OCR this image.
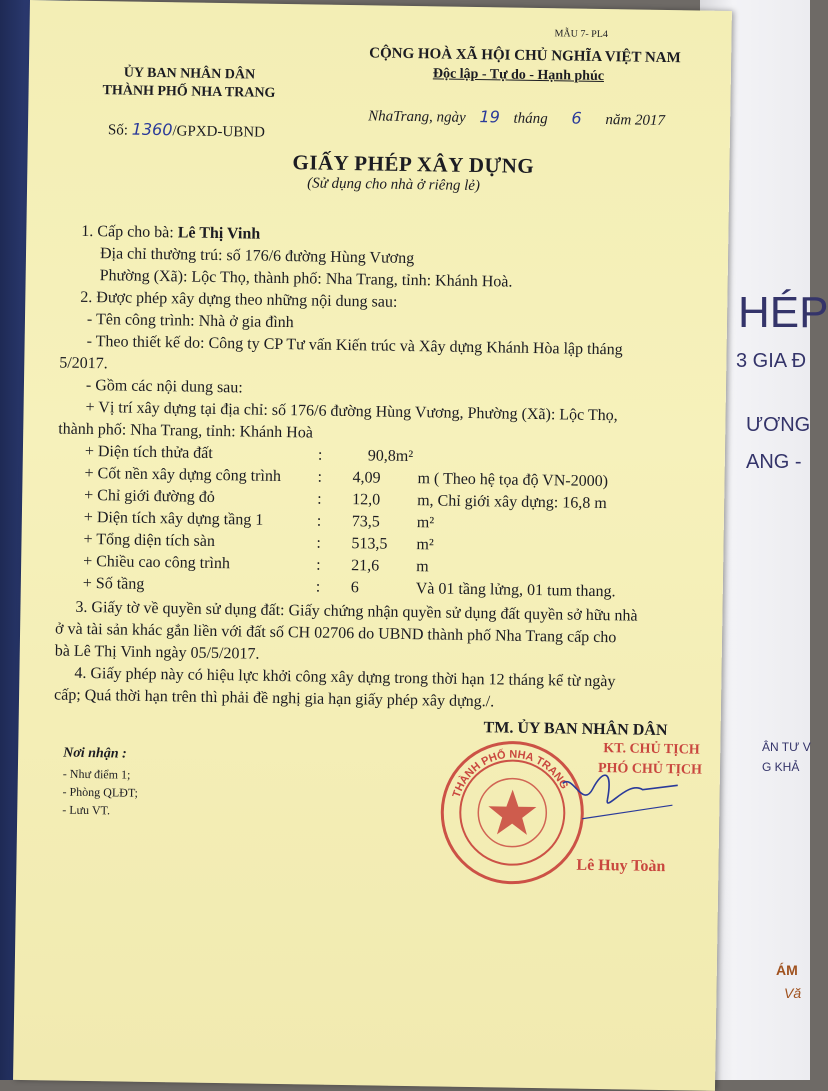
HÉP
3 GIA Đ
ƯƠNG
ANG -
ÂN TƯ V
G KHẢ
ÁM
Vă
MẪU 7- PL4
ỦY BAN NHÂN DÂN
THÀNH PHỐ NHA TRANG
CỘNG HOÀ XÃ HỘI CHỦ NGHĨA VIỆT NAM
Độc lập - Tự do - Hạnh phúc
Số: 1360/GPXD-UBND
NhaTrang, ngày 19 tháng 6 năm 2017
GIẤY PHÉP XÂY DỰNG
(Sử dụng cho nhà ở riêng lẻ)
1. Cấp cho bà: Lê Thị Vinh
Địa chỉ thường trú: số 176/6 đường Hùng Vương
Phường (Xã): Lộc Thọ, thành phố: Nha Trang, tỉnh: Khánh Hoà.
2. Được phép xây dựng theo những nội dung sau:
- Tên công trình: Nhà ở gia đình
- Theo thiết kế do: Công ty CP Tư vấn Kiến trúc và Xây dựng Khánh Hòa lập tháng
5/2017.
- Gồm các nội dung sau:
+ Vị trí xây dựng tại địa chỉ: số 176/6 đường Hùng Vương, Phường (Xã): Lộc Thọ,
thành phố: Nha Trang, tỉnh: Khánh Hoà
+ Diện tích thửa đất	:	90,8m²
+ Cốt nền xây dựng công trình : 4,09 m ( Theo hệ tọa độ VN-2000)
+ Chỉ giới đường đỏ	: 12,0 m, Chỉ giới xây dựng: 16,8 m
+ Diện tích xây dựng tầng 1	: 73,5 m²
+ Tổng diện tích sàn	: 513,5 m²
+ Chiều cao công trình	: 21,6 m
+ Số tầng	: 6	Và 01 tầng lửng, 01 tum thang.
3. Giấy tờ về quyền sử dụng đất: Giấy chứng nhận quyền sử dụng đất quyền sở hữu nhà
ở và tài sản khác gắn liền với đất số CH 02706 do UBND thành phố Nha Trang cấp cho
bà Lê Thị Vinh ngày 05/5/2017.
4. Giấy phép này có hiệu lực khởi công xây dựng trong thời hạn 12 tháng kể từ ngày
cấp; Quá thời hạn trên thì phải đề nghị gia hạn giấy phép xây dựng./.
TM. ỦY BAN NHÂN DÂN
KT. CHỦ TỊCH
PHÓ CHỦ TỊCH
THÀNH PHỐ NHA TRANG
Lê Huy Toàn
Nơi nhận :
- Như điểm 1;
- Phòng QLĐT;
- Lưu VT.
